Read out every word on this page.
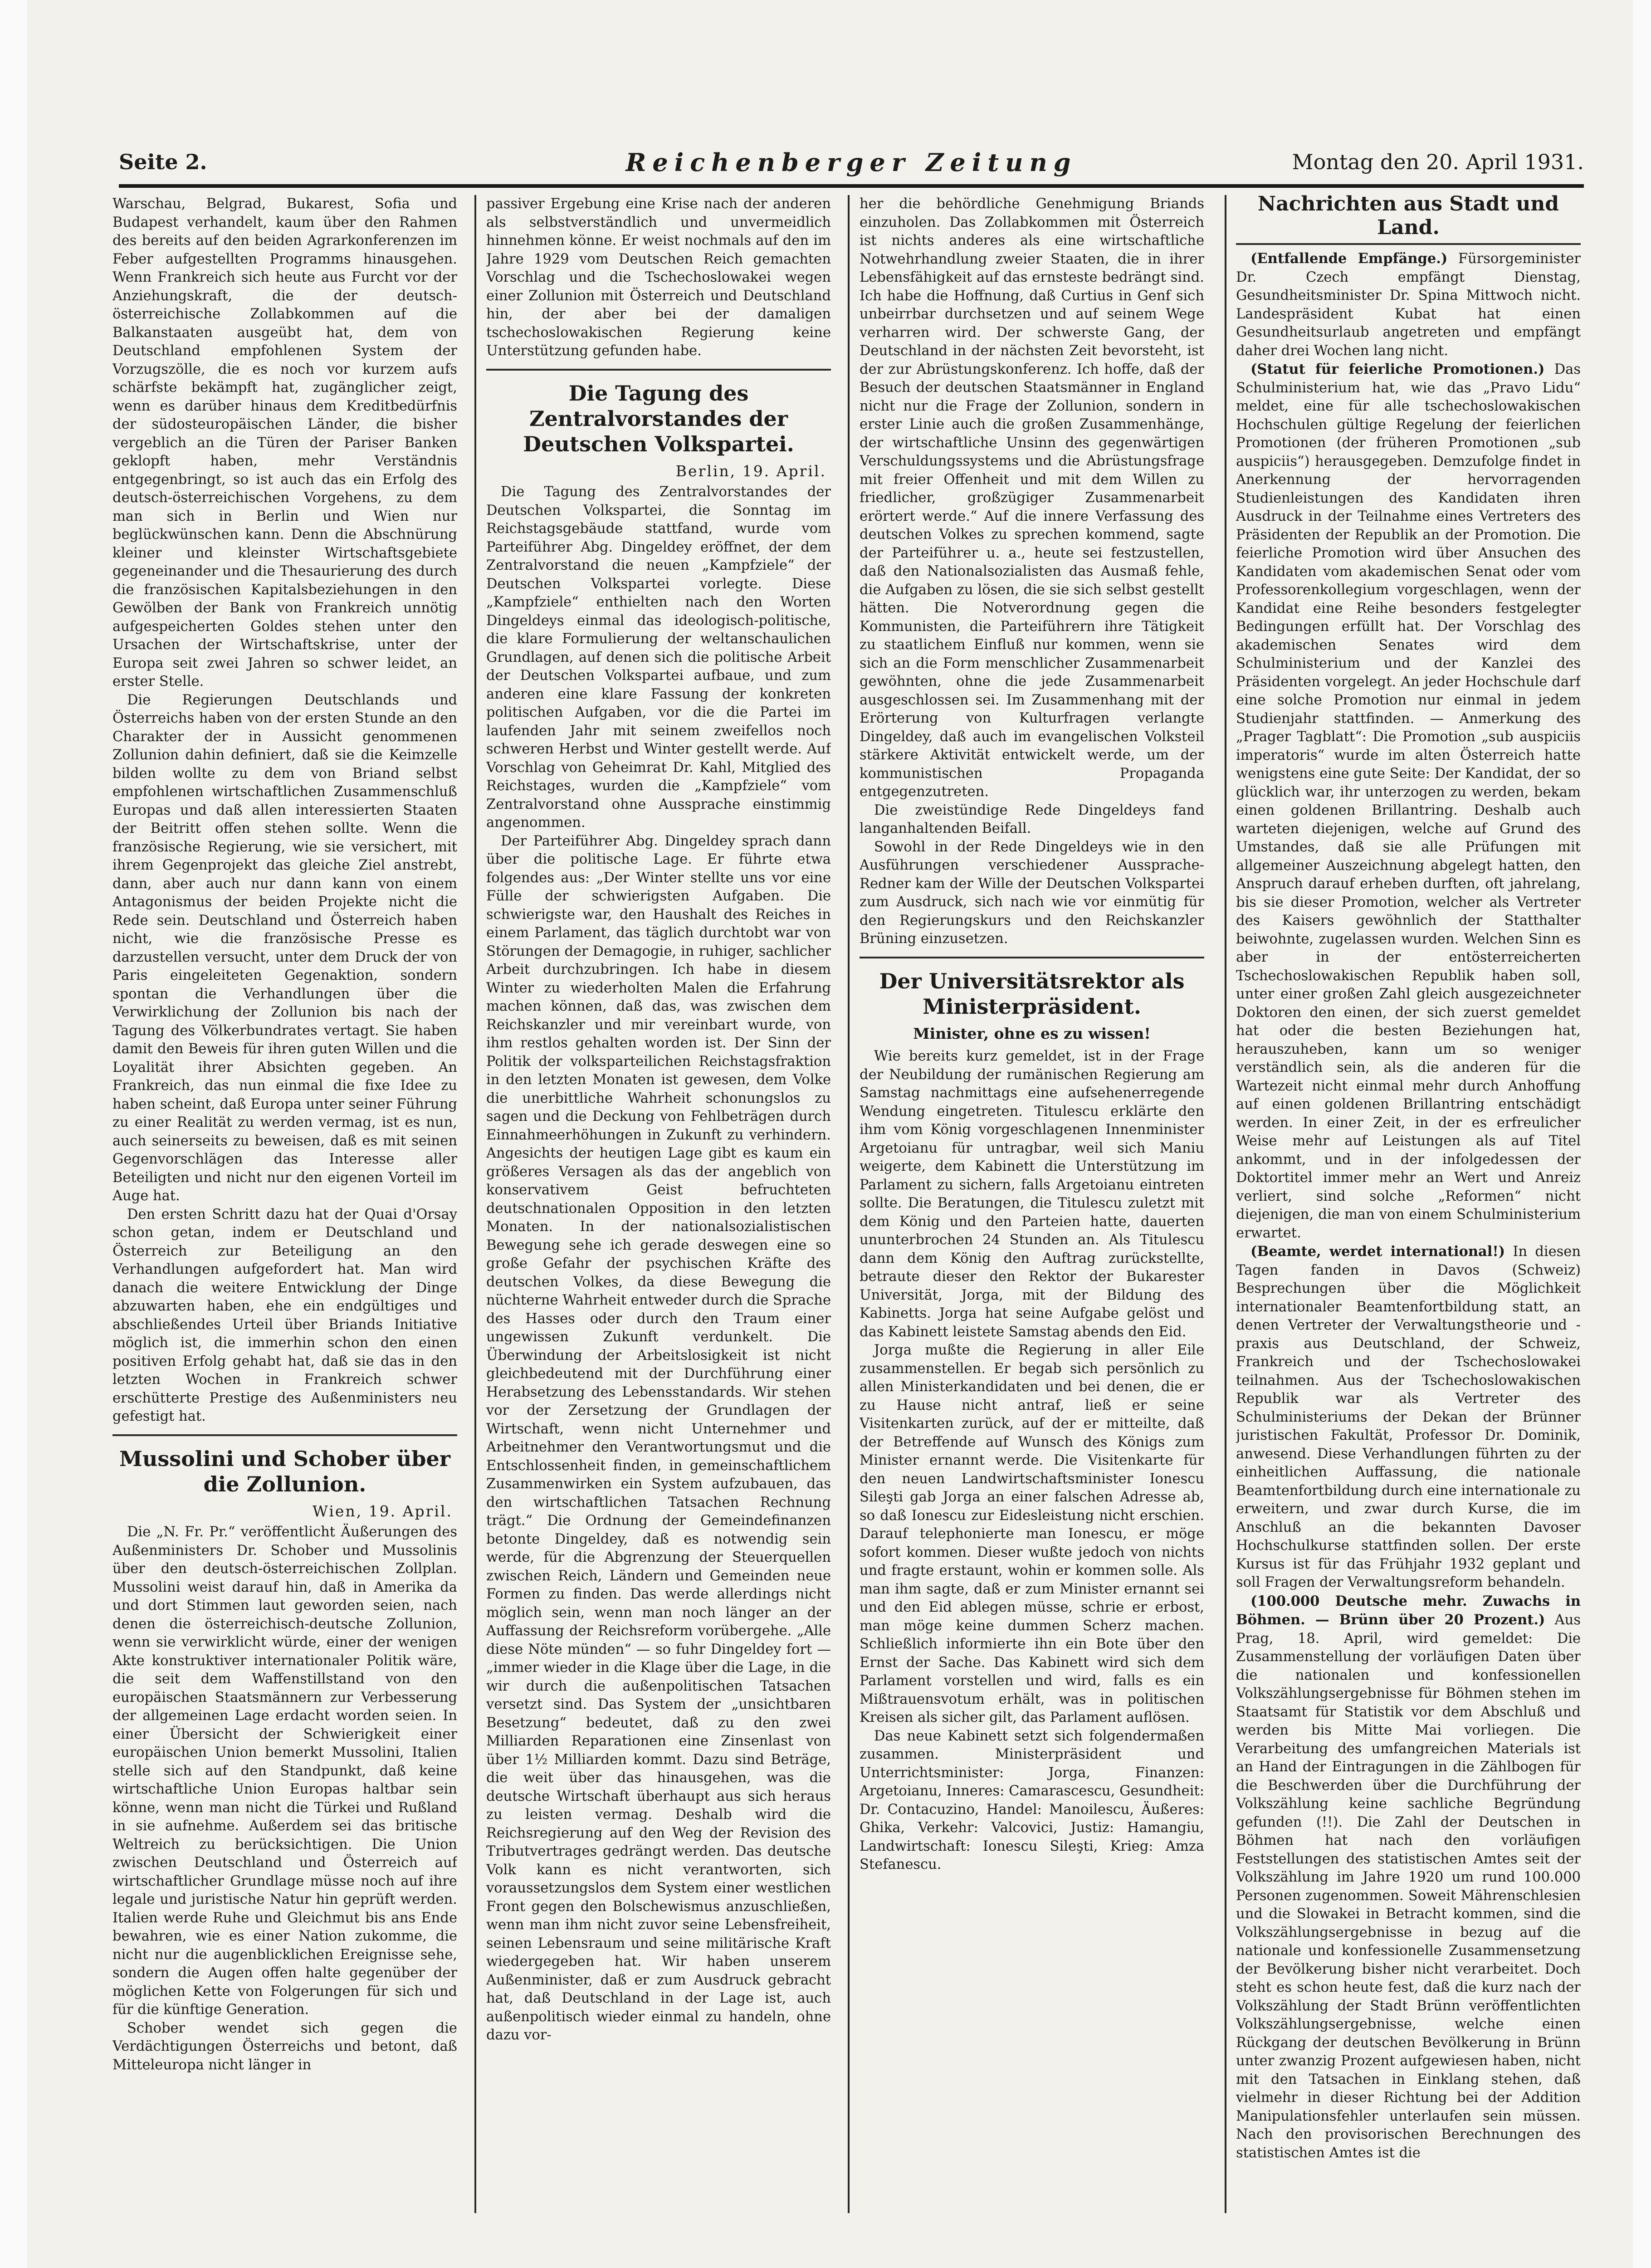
Seite 2.	Reichenberger Zeitung	Montag den 20. April 1931.

Warschau, Belgrad, Bukarest, Sofia und Budapest verhandelt, kaum über den Rahmen des bereits auf den beiden Agrarkonferenzen im Feber aufgestellten Programms hinausgehen. Wenn Frankreich sich heute aus Furcht vor der Anziehungskraft, die der deutsch-österreichische Zollabkommen auf die Balkanstaaten ausgeübt hat, dem von Deutschland empfohlenen System der Vorzugszölle, die es noch vor kurzem aufs schärfste bekämpft hat, zugänglicher zeigt, wenn es darüber hinaus dem Kreditbedürfnis der südosteuropäischen Länder, die bisher vergeblich an die Türen der Pariser Banken geklopft haben, mehr Verständnis entgegenbringt, so ist auch das ein Erfolg des deutsch-österreichischen Vorgehens, zu dem man sich in Berlin und Wien nur beglückwünschen kann. Denn die Abschnürung kleiner und kleinster Wirtschaftsgebiete gegeneinander und die Thesaurierung des durch die französischen Kapitalsbeziehungen in den Gewölben der Bank von Frankreich unnötig aufgespeicherten Goldes stehen unter den Ursachen der Wirtschaftskrise, unter der Europa seit zwei Jahren so schwer leidet, an erster Stelle.

Die Regierungen Deutschlands und Österreichs haben von der ersten Stunde an den Charakter der in Aussicht genommenen Zollunion dahin definiert, daß sie die Keimzelle bilden wollte zu dem von Briand selbst empfohlenen wirtschaftlichen Zusammenschluß Europas und daß allen interessierten Staaten der Beitritt offen stehen sollte. Wenn die französische Regierung, wie sie versichert, mit ihrem Gegenprojekt das gleiche Ziel anstrebt, dann, aber auch nur dann kann von einem Antagonismus der beiden Projekte nicht die Rede sein. Deutschland und Österreich haben nicht, wie die französische Presse es darzustellen versucht, unter dem Druck der von Paris eingeleiteten Gegenaktion, sondern spontan die Verhandlungen über die Verwirklichung der Zollunion bis nach der Tagung des Völkerbundrates vertagt. Sie haben damit den Beweis für ihren guten Willen und die Loyalität ihrer Absichten gegeben. An Frankreich, das nun einmal die fixe Idee zu haben scheint, daß Europa unter seiner Führung zu einer Realität zu werden vermag, ist es nun, auch seinerseits zu beweisen, daß es mit seinen Gegenvorschlägen das Interesse aller Beteiligten und nicht nur den eigenen Vorteil im Auge hat.

Den ersten Schritt dazu hat der Quai d'Orsay schon getan, indem er Deutschland und Österreich zur Beteiligung an den Verhandlungen aufgefordert hat. Man wird danach die weitere Entwicklung der Dinge abzuwarten haben, ehe ein endgültiges und abschließendes Urteil über Briands Initiative möglich ist, die immerhin schon den einen positiven Erfolg gehabt hat, daß sie das in den letzten Wochen in Frankreich schwer erschütterte Prestige des Außenministers neu gefestigt hat.

Mussolini und Schober über die Zollunion.
Wien, 19. April.

Die „N. Fr. Pr.“ veröffentlicht Äußerungen des Außenministers Dr. Schober und Mussolinis über den deutsch-österreichischen Zollplan. Mussolini weist darauf hin, daß in Amerika da und dort Stimmen laut geworden seien, nach denen die österreichisch-deutsche Zollunion, wenn sie verwirklicht würde, einer der wenigen Akte konstruktiver internationaler Politik wäre, die seit dem Waffenstillstand von den europäischen Staatsmännern zur Verbesserung der allgemeinen Lage erdacht worden seien. In einer Übersicht der Schwierigkeit einer europäischen Union bemerkt Mussolini, Italien stelle sich auf den Standpunkt, daß keine wirtschaftliche Union Europas haltbar sein könne, wenn man nicht die Türkei und Rußland in sie aufnehme. Außerdem sei das britische Weltreich zu berücksichtigen. Die Union zwischen Deutschland und Österreich auf wirtschaftlicher Grundlage müsse noch auf ihre legale und juristische Natur hin geprüft werden. Italien werde Ruhe und Gleichmut bis ans Ende bewahren, wie es einer Nation zukomme, die nicht nur die augenblicklichen Ereignisse sehe, sondern die Augen offen halte gegenüber der möglichen Kette von Folgerungen für sich und für die künftige Generation.

Schober wendet sich gegen die Verdächtigungen Österreichs und betont, daß Mitteleuropa nicht länger in

passiver Ergebung eine Krise nach der anderen als selbstverständlich und unvermeidlich hinnehmen könne. Er weist nochmals auf den im Jahre 1929 vom Deutschen Reich gemachten Vorschlag und die Tschechoslowakei wegen einer Zollunion mit Österreich und Deutschland hin, der aber bei der damaligen tschechoslowakischen Regierung keine Unterstützung gefunden habe.

Die Tagung des Zentralvorstandes der Deutschen Volkspartei.
Berlin, 19. April.

Die Tagung des Zentralvorstandes der Deutschen Volkspartei, die Sonntag im Reichstagsgebäude stattfand, wurde vom Parteiführer Abg. Dingeldey eröffnet, der dem Zentralvorstand die neuen „Kampfziele“ der Deutschen Volkspartei vorlegte. Diese „Kampfziele“ enthielten nach den Worten Dingeldeys einmal das ideologisch-politische, die klare Formulierung der weltanschaulichen Grundlagen, auf denen sich die politische Arbeit der Deutschen Volkspartei aufbaue, und zum anderen eine klare Fassung der konkreten politischen Aufgaben, vor die die Partei im laufenden Jahr mit seinem zweifellos noch schweren Herbst und Winter gestellt werde. Auf Vorschlag von Geheimrat Dr. Kahl, Mitglied des Reichstages, wurden die „Kampfziele“ vom Zentralvorstand ohne Aussprache einstimmig angenommen.

Der Parteiführer Abg. Dingeldey sprach dann über die politische Lage. Er führte etwa folgendes aus: „Der Winter stellte uns vor eine Fülle der schwierigsten Aufgaben. Die schwierigste war, den Haushalt des Reiches in einem Parlament, das täglich durchtobt war von Störungen der Demagogie, in ruhiger, sachlicher Arbeit durchzubringen. Ich habe in diesem Winter zu wiederholten Malen die Erfahrung machen können, daß das, was zwischen dem Reichskanzler und mir vereinbart wurde, von ihm restlos gehalten worden ist. Der Sinn der Politik der volksparteilichen Reichstagsfraktion in den letzten Monaten ist gewesen, dem Volke die unerbittliche Wahrheit schonungslos zu sagen und die Deckung von Fehlbeträgen durch Einnahmeerhöhungen in Zukunft zu verhindern. Angesichts der heutigen Lage gibt es kaum ein größeres Versagen als das der angeblich von konservativem Geist befruchteten deutschnationalen Opposition in den letzten Monaten. In der nationalsozialistischen Bewegung sehe ich gerade deswegen eine so große Gefahr der psychischen Kräfte des deutschen Volkes, da diese Bewegung die nüchterne Wahrheit entweder durch die Sprache des Hasses oder durch den Traum einer ungewissen Zukunft verdunkelt. Die Überwindung der Arbeitslosigkeit ist nicht gleichbedeutend mit der Durchführung einer Herabsetzung des Lebensstandards. Wir stehen vor der Zersetzung der Grundlagen der Wirtschaft, wenn nicht Unternehmer und Arbeitnehmer den Verantwortungsmut und die Entschlossenheit finden, in gemeinschaftlichem Zusammenwirken ein System aufzubauen, das den wirtschaftlichen Tatsachen Rechnung trägt.“ Die Ordnung der Gemeindefinanzen betonte Dingeldey, daß es notwendig sein werde, für die Abgrenzung der Steuerquellen zwischen Reich, Ländern und Gemeinden neue Formen zu finden. Das werde allerdings nicht möglich sein, wenn man noch länger an der Auffassung der Reichsreform vorübergehe. „Alle diese Nöte münden“ — so fuhr Dingeldey fort — „immer wieder in die Klage über die Lage, in die wir durch die außenpolitischen Tatsachen versetzt sind. Das System der „unsichtbaren Besetzung“ bedeutet, daß zu den zwei Milliarden Reparationen eine Zinsenlast von über 1½ Milliarden kommt. Dazu sind Beträge, die weit über das hinausgehen, was die deutsche Wirtschaft überhaupt aus sich heraus zu leisten vermag. Deshalb wird die Reichsregierung auf den Weg der Revision des Tributvertrages gedrängt werden. Das deutsche Volk kann es nicht verantworten, sich voraussetzungslos dem System einer westlichen Front gegen den Bolschewismus anzuschließen, wenn man ihm nicht zuvor seine Lebensfreiheit, seinen Lebensraum und seine militärische Kraft wiedergegeben hat. Wir haben unserem Außenminister, daß er zum Ausdruck gebracht hat, daß Deutschland in der Lage ist, auch außenpolitisch wieder einmal zu handeln, ohne dazu vor-

her die behördliche Genehmigung Briands einzuholen. Das Zollabkommen mit Österreich ist nichts anderes als eine wirtschaftliche Notwehrhandlung zweier Staaten, die in ihrer Lebensfähigkeit auf das ernsteste bedrängt sind. Ich habe die Hoffnung, daß Curtius in Genf sich unbeirrbar durchsetzen und auf seinem Wege verharren wird. Der schwerste Gang, der Deutschland in der nächsten Zeit bevorsteht, ist der zur Abrüstungskonferenz. Ich hoffe, daß der Besuch der deutschen Staatsmänner in England nicht nur die Frage der Zollunion, sondern in erster Linie auch die großen Zusammenhänge, der wirtschaftliche Unsinn des gegenwärtigen Verschuldungssystems und die Abrüstungsfrage mit freier Offenheit und mit dem Willen zu friedlicher, großzügiger Zusammenarbeit erörtert werde.“ Auf die innere Verfassung des deutschen Volkes zu sprechen kommend, sagte der Parteiführer u. a., heute sei festzustellen, daß den Nationalsozialisten das Ausmaß fehle, die Aufgaben zu lösen, die sie sich selbst gestellt hätten. Die Notverordnung gegen die Kommunisten, die Parteiführern ihre Tätigkeit zu staatlichem Einfluß nur kommen, wenn sie sich an die Form menschlicher Zusammenarbeit gewöhnten, ohne die jede Zusammenarbeit ausgeschlossen sei. Im Zusammenhang mit der Erörterung von Kulturfragen verlangte Dingeldey, daß auch im evangelischen Volksteil stärkere Aktivität entwickelt werde, um der kommunistischen Propaganda entgegenzutreten.

Die zweistündige Rede Dingeldeys fand langanhaltenden Beifall.

Sowohl in der Rede Dingeldeys wie in den Ausführungen verschiedener Aussprache-Redner kam der Wille der Deutschen Volkspartei zum Ausdruck, sich nach wie vor einmütig für den Regierungskurs und den Reichskanzler Brüning einzusetzen.

Der Universitätsrektor als Ministerpräsident.
Minister, ohne es zu wissen!

Wie bereits kurz gemeldet, ist in der Frage der Neubildung der rumänischen Regierung am Samstag nachmittags eine aufsehenerregende Wendung eingetreten. Titulescu erklärte den ihm vom König vorgeschlagenen Innenminister Argetoianu für untragbar, weil sich Maniu weigerte, dem Kabinett die Unterstützung im Parlament zu sichern, falls Argetoianu eintreten sollte. Die Beratungen, die Titulescu zuletzt mit dem König und den Parteien hatte, dauerten ununterbrochen 24 Stunden an. Als Titulescu dann dem König den Auftrag zurückstellte, betraute dieser den Rektor der Bukarester Universität, Jorga, mit der Bildung des Kabinetts. Jorga hat seine Aufgabe gelöst und das Kabinett leistete Samstag abends den Eid.

Jorga mußte die Regierung in aller Eile zusammenstellen. Er begab sich persönlich zu allen Ministerkandidaten und bei denen, die er zu Hause nicht antraf, ließ er seine Visitenkarten zurück, auf der er mitteilte, daß der Betreffende auf Wunsch des Königs zum Minister ernannt werde. Die Visitenkarte für den neuen Landwirtschaftsminister Ionescu Sileşti gab Jorga an einer falschen Adresse ab, so daß Ionescu zur Eidesleistung nicht erschien. Darauf telephonierte man Ionescu, er möge sofort kommen. Dieser wußte jedoch von nichts und fragte erstaunt, wohin er kommen solle. Als man ihm sagte, daß er zum Minister ernannt sei und den Eid ablegen müsse, schrie er erbost, man möge keine dummen Scherz machen. Schließlich informierte ihn ein Bote über den Ernst der Sache. Das Kabinett wird sich dem Parlament vorstellen und wird, falls es ein Mißtrauensvotum erhält, was in politischen Kreisen als sicher gilt, das Parlament auflösen.

Das neue Kabinett setzt sich folgendermaßen zusammen. Ministerpräsident und Unterrichtsminister: Jorga, Finanzen: Argetoianu, Inneres: Camarascescu, Gesundheit: Dr. Contacuzino, Handel: Manoilescu, Äußeres: Ghika, Verkehr: Valcovici, Justiz: Hamangiu, Landwirtschaft: Ionescu Sileşti, Krieg: Amza Stefanescu.

Nachrichten aus Stadt und Land.

(Entfallende Empfänge.) Fürsorgeminister Dr. Czech empfängt Dienstag, Gesundheitsminister Dr. Spina Mittwoch nicht. Landespräsident Kubat hat einen Gesundheitsurlaub angetreten und empfängt daher drei Wochen lang nicht.

(Statut für feierliche Promotionen.) Das Schulministerium hat, wie das „Pravo Lidu“ meldet, eine für alle tschechoslowakischen Hochschulen gültige Regelung der feierlichen Promotionen (der früheren Promotionen „sub auspiciis“) herausgegeben. Demzufolge findet in Anerkennung der hervorragenden Studienleistungen des Kandidaten ihren Ausdruck in der Teilnahme eines Vertreters des Präsidenten der Republik an der Promotion. Die feierliche Promotion wird über Ansuchen des Kandidaten vom akademischen Senat oder vom Professorenkollegium vorgeschlagen, wenn der Kandidat eine Reihe besonders festgelegter Bedingungen erfüllt hat. Der Vorschlag des akademischen Senates wird dem Schulministerium und der Kanzlei des Präsidenten vorgelegt. An jeder Hochschule darf eine solche Promotion nur einmal in jedem Studienjahr stattfinden. — Anmerkung des „Prager Tagblatt“: Die Promotion „sub auspiciis imperatoris“ wurde im alten Österreich hatte wenigstens eine gute Seite: Der Kandidat, der so glücklich war, ihr unterzogen zu werden, bekam einen goldenen Brillantring. Deshalb auch warteten diejenigen, welche auf Grund des Umstandes, daß sie alle Prüfungen mit allgemeiner Auszeichnung abgelegt hatten, den Anspruch darauf erheben durften, oft jahrelang, bis sie dieser Promotion, welcher als Vertreter des Kaisers gewöhnlich der Statthalter beiwohnte, zugelassen wurden. Welchen Sinn es aber in der entösterreicherten Tschechoslowakischen Republik haben soll, unter einer großen Zahl gleich ausgezeichneter Doktoren den einen, der sich zuerst gemeldet hat oder die besten Beziehungen hat, herauszuheben, kann um so weniger verständlich sein, als die anderen für die Wartezeit nicht einmal mehr durch Anhoffung auf einen goldenen Brillantring entschädigt werden. In einer Zeit, in der es erfreulicher Weise mehr auf Leistungen als auf Titel ankommt, und in der infolgedessen der Doktortitel immer mehr an Wert und Anreiz verliert, sind solche „Reformen“ nicht diejenigen, die man von einem Schulministerium erwartet.

(Beamte, werdet international!) In diesen Tagen fanden in Davos (Schweiz) Besprechungen über die Möglichkeit internationaler Beamtenfortbildung statt, an denen Vertreter der Verwaltungstheorie und -praxis aus Deutschland, der Schweiz, Frankreich und der Tschechoslowakei teilnahmen. Aus der Tschechoslowakischen Republik war als Vertreter des Schulministeriums der Dekan der Brünner juristischen Fakultät, Professor Dr. Dominik, anwesend. Diese Verhandlungen führten zu der einheitlichen Auffassung, die nationale Beamtenfortbildung durch eine internationale zu erweitern, und zwar durch Kurse, die im Anschluß an die bekannten Davoser Hochschulkurse stattfinden sollen. Der erste Kursus ist für das Frühjahr 1932 geplant und soll Fragen der Verwaltungsreform behandeln.

(100.000 Deutsche mehr. Zuwachs in Böhmen. — Brünn über 20 Prozent.) Aus Prag, 18. April, wird gemeldet: Die Zusammenstellung der vorläufigen Daten über die nationalen und konfessionellen Volkszählungsergebnisse für Böhmen stehen im Staatsamt für Statistik vor dem Abschluß und werden bis Mitte Mai vorliegen. Die Verarbeitung des umfangreichen Materials ist an Hand der Eintragungen in die Zählbogen für die Beschwerden über die Durchführung der Volkszählung keine sachliche Begründung gefunden (!!). Die Zahl der Deutschen in Böhmen hat nach den vorläufigen Feststellungen des statistischen Amtes seit der Volkszählung im Jahre 1920 um rund 100.000 Personen zugenommen. Soweit Mährenschlesien und die Slowakei in Betracht kommen, sind die Volkszählungsergebnisse in bezug auf die nationale und konfessionelle Zusammensetzung der Bevölkerung bisher nicht verarbeitet. Doch steht es schon heute fest, daß die kurz nach der Volkszählung der Stadt Brünn veröffentlichten Volkszählungsergebnisse, welche einen Rückgang der deutschen Bevölkerung in Brünn unter zwanzig Prozent aufgewiesen haben, nicht mit den Tatsachen in Einklang stehen, daß vielmehr in dieser Richtung bei der Addition Manipulationsfehler unterlaufen sein müssen. Nach den provisorischen Berechnungen des statistischen Amtes ist die
